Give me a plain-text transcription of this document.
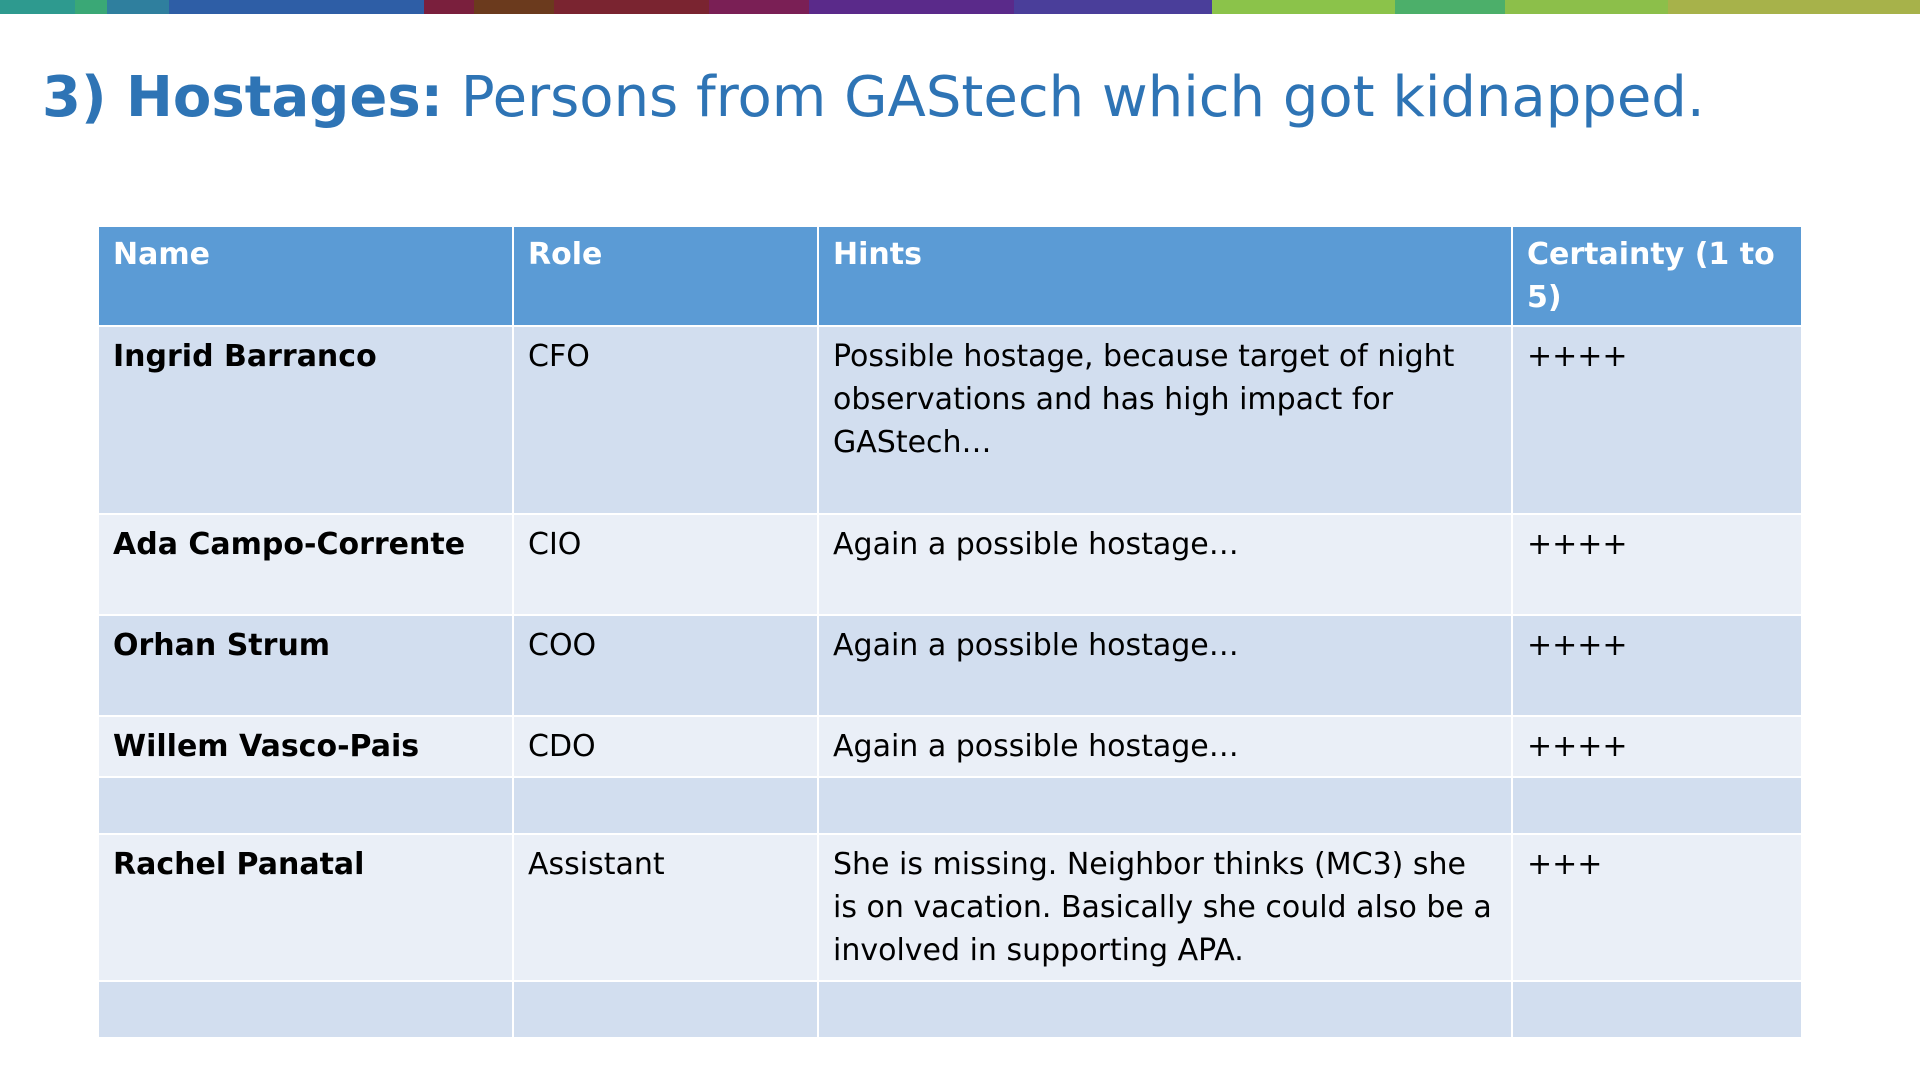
3) Hostages: Persons from GAStech which got kidnapped.
Name	Role	Hints	Certainty (1 to 5)
Ingrid Barranco	CFO	Possible hostage, because target of night observations and has high impact for GAStech…	++++
Ada Campo-Corrente	CIO	Again a possible hostage…	++++
Orhan Strum	COO	Again a possible hostage…	++++
Willem Vasco-Pais	CDO	Again a possible hostage…	++++

Rachel Panatal	Assistant	She is missing. Neighbor thinks (MC3) she is on vacation. Basically she could also be a involved in supporting APA.	+++
